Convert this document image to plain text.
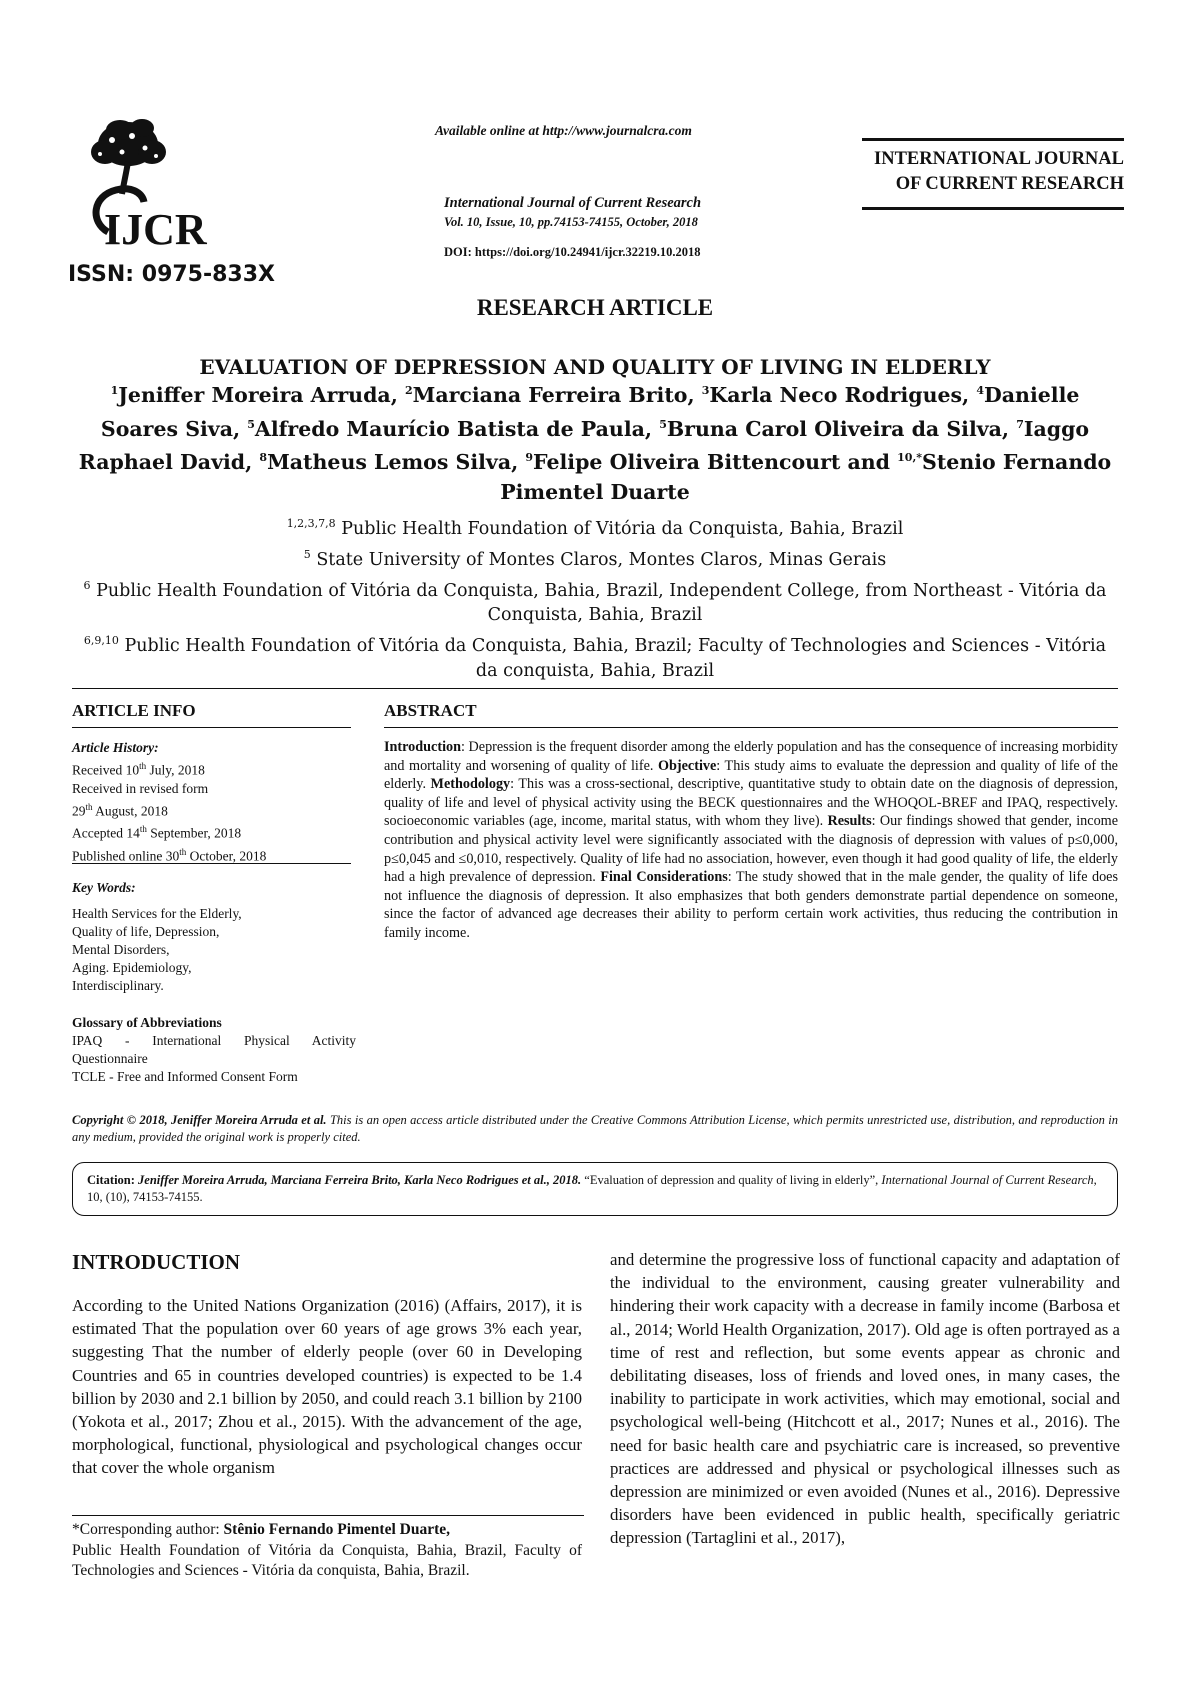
IJCR
ISSN: 0975-833X
Available online at http://www.journalcra.com
International Journal of Current Research
Vol. 10, Issue, 10, pp.74153-74155, October, 2018
DOI: https://doi.org/10.24941/ijcr.32219.10.2018
INTERNATIONAL JOURNAL
OF CURRENT RESEARCH
RESEARCH ARTICLE
EVALUATION OF DEPRESSION AND QUALITY OF LIVING IN ELDERLY
$^1$Jeniffer Moreira Arruda, $^2$Marciana Ferreira Brito, $^3$Karla Neco Rodrigues, $^4$Danielle Soares Siva, $^5$Alfredo Maurício Batista de Paula, $^5$Bruna Carol Oliveira da Silva, $^7$Iaggo Raphael David, $^8$Matheus Lemos Silva, $^9$Felipe Oliveira Bittencourt and $^{10,*}$Stenio Fernando Pimentel Duarte
$^{1,2,3,7,8}$ Public Health Foundation of Vitória da Conquista, Bahia, Brazil
$^5$ State University of Montes Claros, Montes Claros, Minas Gerais
$^6$ Public Health Foundation of Vitória da Conquista, Bahia, Brazil, Independent College, from Northeast - Vitória da Conquista, Bahia, Brazil
$^{6,9,10}$ Public Health Foundation of Vitória da Conquista, Bahia, Brazil; Faculty of Technologies and Sciences - Vitória da conquista, Bahia, Brazil
ARTICLE INFO	ABSTRACT
Article History:
Received 10th July, 2018
Received in revised form
29th August, 2018
Accepted 14th September, 2018
Published online 30th October, 2018
Key Words:
Health Services for the Elderly,
Quality of life, Depression,
Mental Disorders,
Aging. Epidemiology,
Interdisciplinary.
Glossary of Abbreviations
IPAQ - International Physical Activity Questionnaire
TCLE - Free and Informed Consent Form
Introduction: Depression is the frequent disorder among the elderly population and has the consequence of increasing morbidity and mortality and worsening of quality of life. Objective: This study aims to evaluate the depression and quality of life of the elderly. Methodology: This was a cross-sectional, descriptive, quantitative study to obtain date on the diagnosis of depression, quality of life and level of physical activity using the BECK questionnaires and the WHOQOL-BREF and IPAQ, respectively. socioeconomic variables (age, income, marital status, with whom they live). Results: Our findings showed that gender, income contribution and physical activity level were significantly associated with the diagnosis of depression with values of p≤0,000, p≤0,045 and ≤0,010, respectively. Quality of life had no association, however, even though it had good quality of life, the elderly had a high prevalence of depression. Final Considerations: The study showed that in the male gender, the quality of life does not influence the diagnosis of depression. It also emphasizes that both genders demonstrate partial dependence on someone, since the factor of advanced age decreases their ability to perform certain work activities, thus reducing the contribution in family income.
Copyright © 2018, Jeniffer Moreira Arruda et al. This is an open access article distributed under the Creative Commons Attribution License, which permits unrestricted use, distribution, and reproduction in any medium, provided the original work is properly cited.
Citation: Jeniffer Moreira Arruda, Marciana Ferreira Brito, Karla Neco Rodrigues et al., 2018. “Evaluation of depression and quality of living in elderly”, International Journal of Current Research, 10, (10), 74153-74155.
INTRODUCTION
According to the United Nations Organization (2016) (Affairs, 2017), it is estimated That the population over 60 years of age grows 3% each year, suggesting That the number of elderly people (over 60 in Developing Countries and 65 in countries developed countries) is expected to be 1.4 billion by 2030 and 2.1 billion by 2050, and could reach 3.1 billion by 2100 (Yokota et al., 2017; Zhou et al., 2015). With the advancement of the age, morphological, functional, physiological and psychological changes occur that cover the whole organism
and determine the progressive loss of functional capacity and adaptation of the individual to the environment, causing greater vulnerability and hindering their work capacity with a decrease in family income (Barbosa et al., 2014; World Health Organization, 2017). Old age is often portrayed as a time of rest and reflection, but some events appear as chronic and debilitating diseases, loss of friends and loved ones, in many cases, the inability to participate in work activities, which may emotional, social and psychological well-being (Hitchcott et al., 2017; Nunes et al., 2016). The need for basic health care and psychiatric care is increased, so preventive practices are addressed and physical or psychological illnesses such as depression are minimized or even avoided (Nunes et al., 2016). Depressive disorders have been evidenced in public health, specifically geriatric depression (Tartaglini et al., 2017),
*Corresponding author: Stênio Fernando Pimentel Duarte,
Public Health Foundation of Vitória da Conquista, Bahia, Brazil, Faculty of Technologies and Sciences - Vitória da conquista, Bahia, Brazil.
